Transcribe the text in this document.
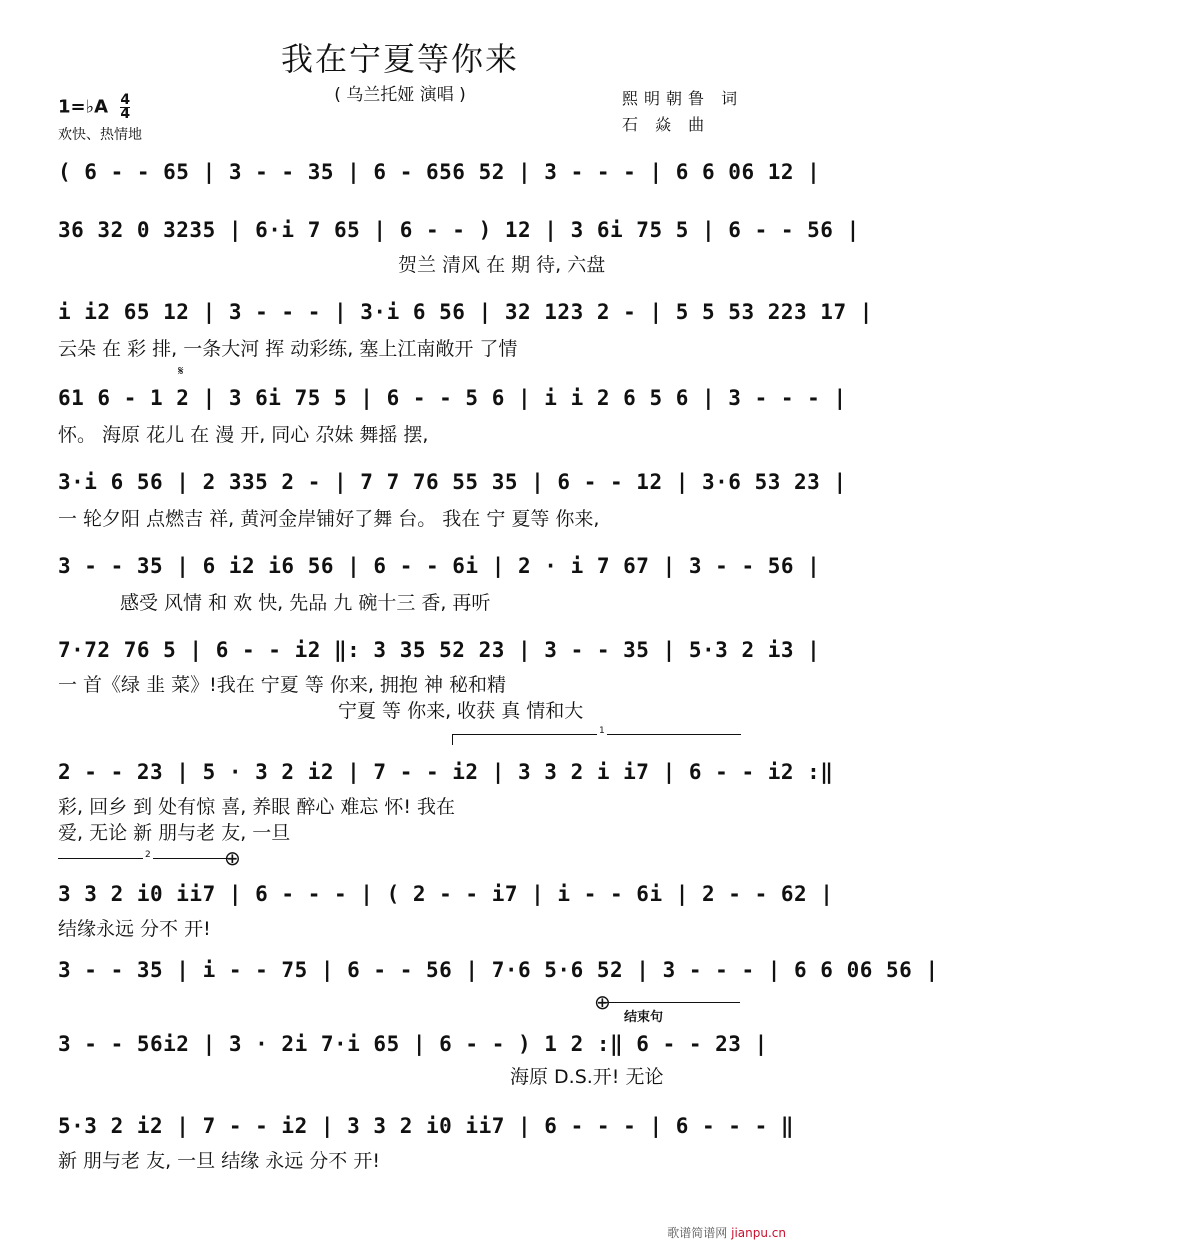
我在宁夏等你来
( 乌兰托娅 演唱 )
1=♭A $\frac{4}{4}$
欢快、热情地
熙明朝鲁 词
石 焱 曲
( 6 - - 65 | 3 - - 35 | 6 - 656 52 | 3 - - - | 6 6 06 12 |
36 32 0 3235 | 6·i 7 65 | 6 - - ) 12 | 3 6i 75 5 | 6 - - 56 |
贺兰 清风 在 期 待, 六盘
i i2 65 12 | 3 - - - | 3·i 6 56 | 32 123 2 - | 5 5 53 223 17 |
云朵 在 彩 排, 一条大河 挥 动彩练, 塞上江南敞开 了情
𝄋
61 6 - 1 2 | 3 6i 75 5 | 6 - - 5 6 | i i 2 6 5 6 | 3 - - - |
怀。 海原 花儿 在 漫 开, 同心 尕妹 舞摇 摆,
3·i 6 56 | 2 335 2 - | 7 7 76 55 35 | 6 - - 12 | 3·6 53 23 |
一 轮夕阳 点燃吉 祥, 黄河金岸铺好了舞 台。 我在 宁 夏等 你来,
3 - - 35 | 6 i2 i6 56 | 6 - - 6i | 2 · i 7 67 | 3 - - 56 |
感受 风情 和 欢 快, 先品 九 碗十三 香, 再听
7·72 76 5 | 6 - - i2 ‖: 3 35 52 23 | 3 - - 35 | 5·3 2 i3 |
一 首《绿 韭 菜》!我在 宁夏 等 你来, 拥抱 神 秘和精
宁夏 等 你来, 收获 真 情和大
1
2 - - 23 | 5 · 3 2 i2 | 7 - - i2 | 3 3 2 i i7 | 6 - - i2 :‖
彩, 回乡 到 处有惊 喜, 养眼 醉心 难忘 怀! 我在
爱, 无论 新 朋与老 友, 一旦
2	⊕
3 3 2 i0 ii7 | 6 - - - | ( 2 - - i7 | i - - 6i | 2 - - 62 |
结缘永远 分不 开!
3 - - 35 | i - - 75 | 6 - - 56 | 7·6 5·6 52 | 3 - - - | 6 6 06 56 |
⊕
结束句
3 - - 56i2 | 3 · 2i 7·i 65 | 6 - - ) 1 2 :‖ 6 - - 23 |
海原 D.S.开! 无论
5·3 2 i2 | 7 - - i2 | 3 3 2 i0 ii7 | 6 - - - | 6 - - - ‖
新 朋与老 友, 一旦 结缘 永远 分不 开!
歌谱简谱网 jianpu.cn
